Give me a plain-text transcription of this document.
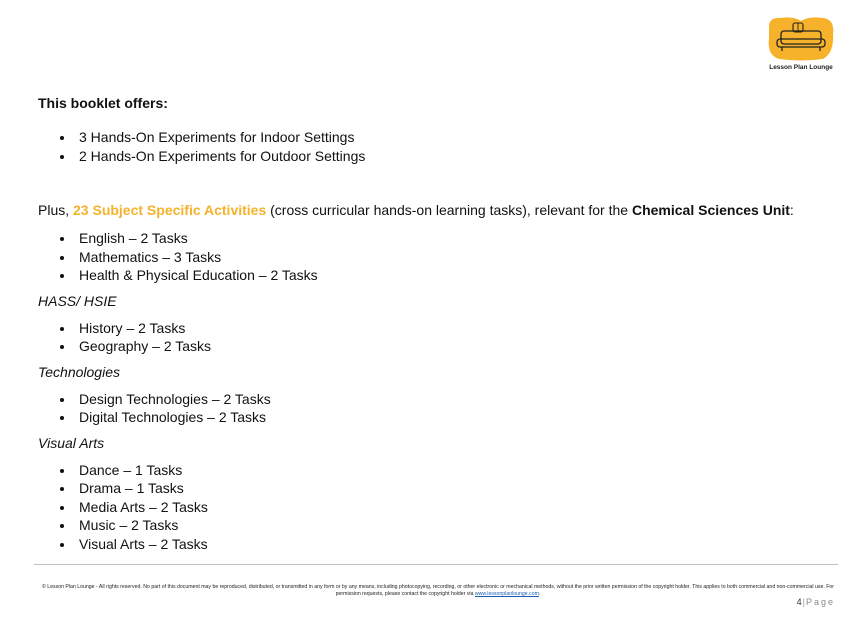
Lesson Plan Lounge
This booklet offers:
3 Hands-On Experiments for Indoor Settings
2 Hands-On Experiments for Outdoor Settings
Plus, 23 Subject Specific Activities (cross curricular hands-on learning tasks), relevant for the Chemical Sciences Unit:
English – 2 Tasks
Mathematics – 3 Tasks
Health & Physical Education – 2 Tasks
HASS/ HSIE
History – 2 Tasks
Geography – 2 Tasks
Technologies
Design Technologies – 2 Tasks
Digital Technologies – 2 Tasks
Visual Arts
Dance – 1 Tasks
Drama – 1 Tasks
Media Arts – 2 Tasks
Music – 2 Tasks
Visual Arts – 2 Tasks
© Lesson Plan Lounge - All rights reserved. No part of this document may be reproduced, distributed, or transmitted in any form or by any means, including photocopying, recording, or other electronic or mechanical methods, without the prior written permission of the copyright holder. This applies to both commercial and non-commercial use. For permission requests, please contact the copyright holder via www.lessonplanlounge.com.
4|Page
